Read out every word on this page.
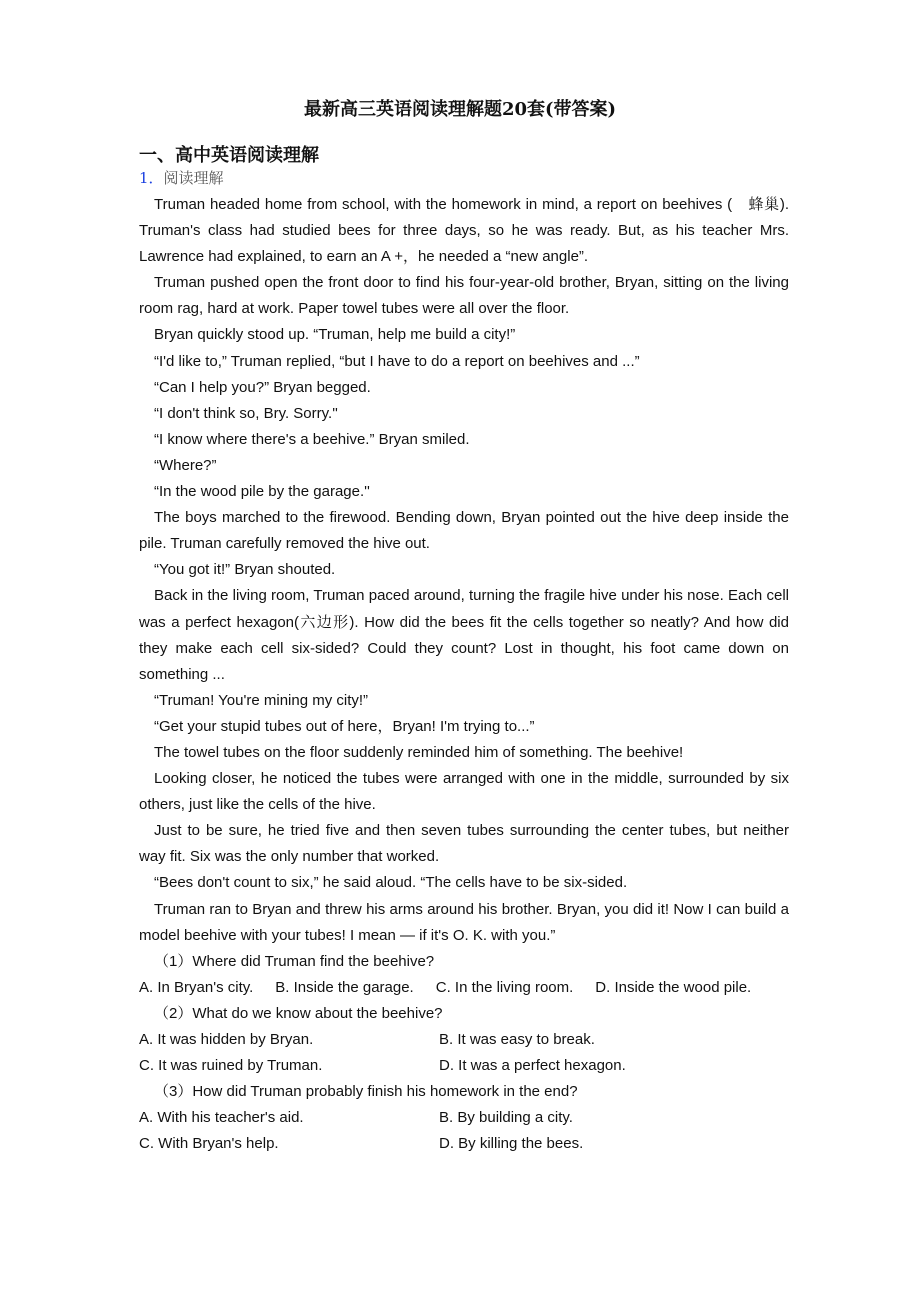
最新高三英语阅读理解题20套(带答案)
一、高中英语阅读理解
1．阅读理解

Truman headed home from school, with the homework in mind, a report on beehives (　蜂巢). Truman's class had studied bees for three days, so he was ready. But, as his teacher Mrs. Lawrence had explained, to earn an A +，he needed a “new angle”.

Truman pushed open the front door to find his four-year-old brother, Bryan, sitting on the living room rag, hard at work. Paper towel tubes were all over the floor.

Bryan quickly stood up. “Truman, help me build a city!”

“I'd like to,” Truman replied, “but I have to do a report on beehives and ...”

“Can I help you?” Bryan begged.

“I don't think so, Bry. Sorry.''

“I know where there's a beehive.” Bryan smiled.

“Where?”

“In the wood pile by the garage.''

The boys marched to the firewood. Bending down, Bryan pointed out the hive deep inside the pile. Truman carefully removed the hive out.

“You got it!” Bryan shouted.

Back in the living room, Truman paced around, turning the fragile hive under his nose. Each cell was a perfect hexagon(六边形). How did the bees fit the cells together so neatly? And how did they make each cell six-sided? Could they count? Lost in thought, his foot came down on something ...

“Truman! You're mining my city!”

“Get your stupid tubes out of here，Bryan! I'm trying to...”

The towel tubes on the floor suddenly reminded him of something. The beehive!

Looking closer, he noticed the tubes were arranged with one in the middle, surrounded by six others, just like the cells of the hive.

Just to be sure, he tried five and then seven tubes surrounding the center tubes, but neither way fit. Six was the only number that worked.

“Bees don't count to six,” he said aloud. “The cells have to be six-sided.

Truman ran to Bryan and threw his arms around his brother. Bryan, you did it! Now I can build a model beehive with your tubes! I mean — if it's O. K. with you.”

（1）Where did Truman find the beehive?

A. In Bryan's city. B. Inside the garage. C. In the living room. D. Inside the wood pile.

（2）What do we know about the beehive?

A. It was hidden by Bryan.	B. It was easy to break.
C. It was ruined by Truman.	D. It was a perfect hexagon.

（3）How did Truman probably finish his homework in the end?

A. With his teacher's aid.	B. By building a city.
C. With Bryan's help.	D. By killing the bees.
